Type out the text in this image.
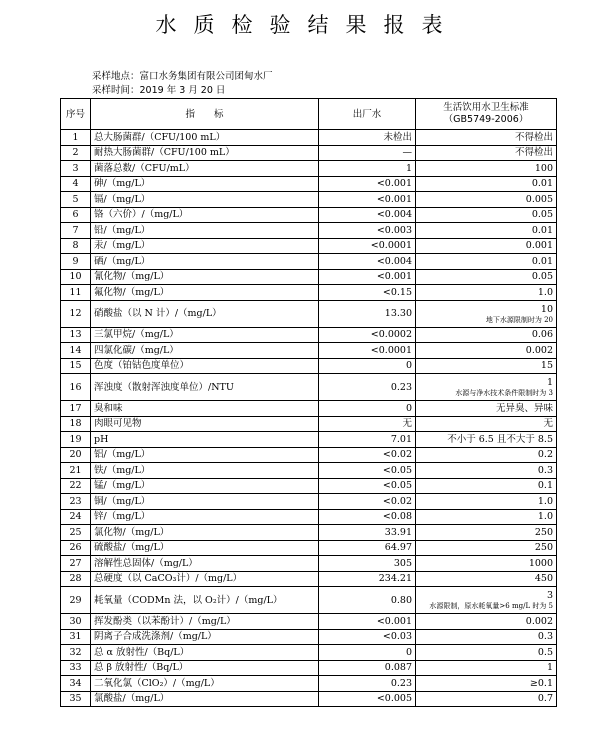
水质检验结果报表
采样地点：富口水务集团有限公司团甸水厂
采样时间：2019 年 3 月 20 日
序号	指　　标	出厂水	生活饮用水卫生标准
（GB5749-2006）

1	总大肠菌群/（CFU/100 mL）	未检出	不得检出
2	耐热大肠菌群/（CFU/100 mL）	—	不得检出
3	菌落总数/（CFU/mL）	1	100
4	砷/（mg/L）	<0.001	0.01
5	镉/（mg/L）	<0.001	0.005
6	铬（六价）/（mg/L）	<0.004	0.05
7	铅/（mg/L）	<0.003	0.01
8	汞/（mg/L）	<0.0001	0.001
9	硒/（mg/L）	<0.004	0.01
10	氰化物/（mg/L）	<0.001	0.05
11	氟化物/（mg/L）	<0.15	1.0
12	硝酸盐（以 N 计）/（mg/L）	13.30	10
地下水源限制时为 20

13	三氯甲烷/（mg/L）	<0.0002	0.06
14	四氯化碳/（mg/L）	<0.0001	0.002
15	色度（铂钴色度单位）	0	15
16	浑浊度（散射浑浊度单位）/NTU	0.23	1
水源与净水技术条件限制时为 3

17	臭和味	0	无异臭、异味
18	肉眼可见物	无	无
19	pH	7.01	不小于 6.5 且不大于 8.5
20	铝/（mg/L）	<0.02	0.2
21	铁/（mg/L）	<0.05	0.3
22	锰/（mg/L）	<0.05	0.1
23	铜/（mg/L）	<0.02	1.0
24	锌/（mg/L）	<0.08	1.0
25	氯化物/（mg/L）	33.91	250
26	硫酸盐/（mg/L）	64.97	250
27	溶解性总固体/（mg/L）	305	1000
28	总硬度（以 CaCO₃计）/（mg/L）	234.21	450
29	耗氧量（CODMn 法，以 O₂计）/（mg/L）	0.80	3
水源限制，原水耗氧量>6 mg/L 时为 5

30	挥发酚类（以苯酚计）/（mg/L）	<0.001	0.002
31	阴离子合成洗涤剂/（mg/L）	<0.03	0.3
32	总 α 放射性/（Bq/L）	0	0.5
33	总 β 放射性/（Bq/L）	0.087	1
34	二氧化氯（ClO₂）/（mg/L）	0.23	≥0.1
35	氯酸盐/（mg/L）	<0.005	0.7
